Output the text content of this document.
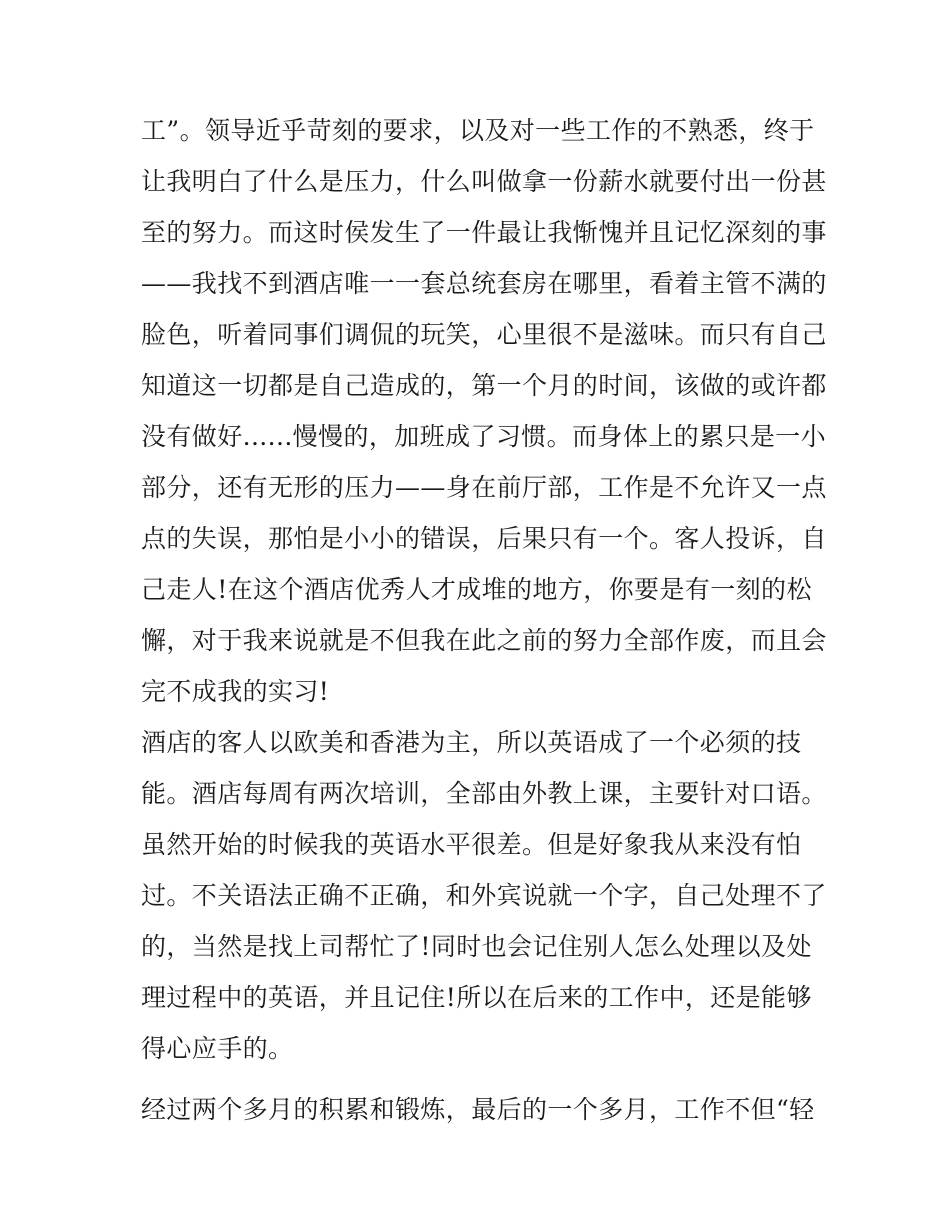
工”。领导近乎苛刻的要求，以及对一些工作的不熟悉，终于
让我明白了什么是压力，什么叫做拿一份薪水就要付出一份甚
至的努力。而这时侯发生了一件最让我惭愧并且记忆深刻的事
——我找不到酒店唯一一套总统套房在哪里，看着主管不满的
脸色，听着同事们调侃的玩笑，心里很不是滋味。而只有自己
知道这一切都是自己造成的，第一个月的时间，该做的或许都
没有做好......慢慢的，加班成了习惯。而身体上的累只是一小
部分，还有无形的压力——身在前厅部，工作是不允许又一点
点的失误，那怕是小小的错误，后果只有一个。客人投诉，自
己走人!在这个酒店优秀人才成堆的地方，你要是有一刻的松
懈，对于我来说就是不但我在此之前的努力全部作废，而且会
完不成我的实习!
酒店的客人以欧美和香港为主，所以英语成了一个必须的技
能。酒店每周有两次培训，全部由外教上课，主要针对口语。
虽然开始的时候我的英语水平很差。但是好象我从来没有怕
过。不关语法正确不正确，和外宾说就一个字，自己处理不了
的，当然是找上司帮忙了!同时也会记住别人怎么处理以及处
理过程中的英语，并且记住!所以在后来的工作中，还是能够
得心应手的。
经过两个多月的积累和锻炼，最后的一个多月，工作不但“轻
